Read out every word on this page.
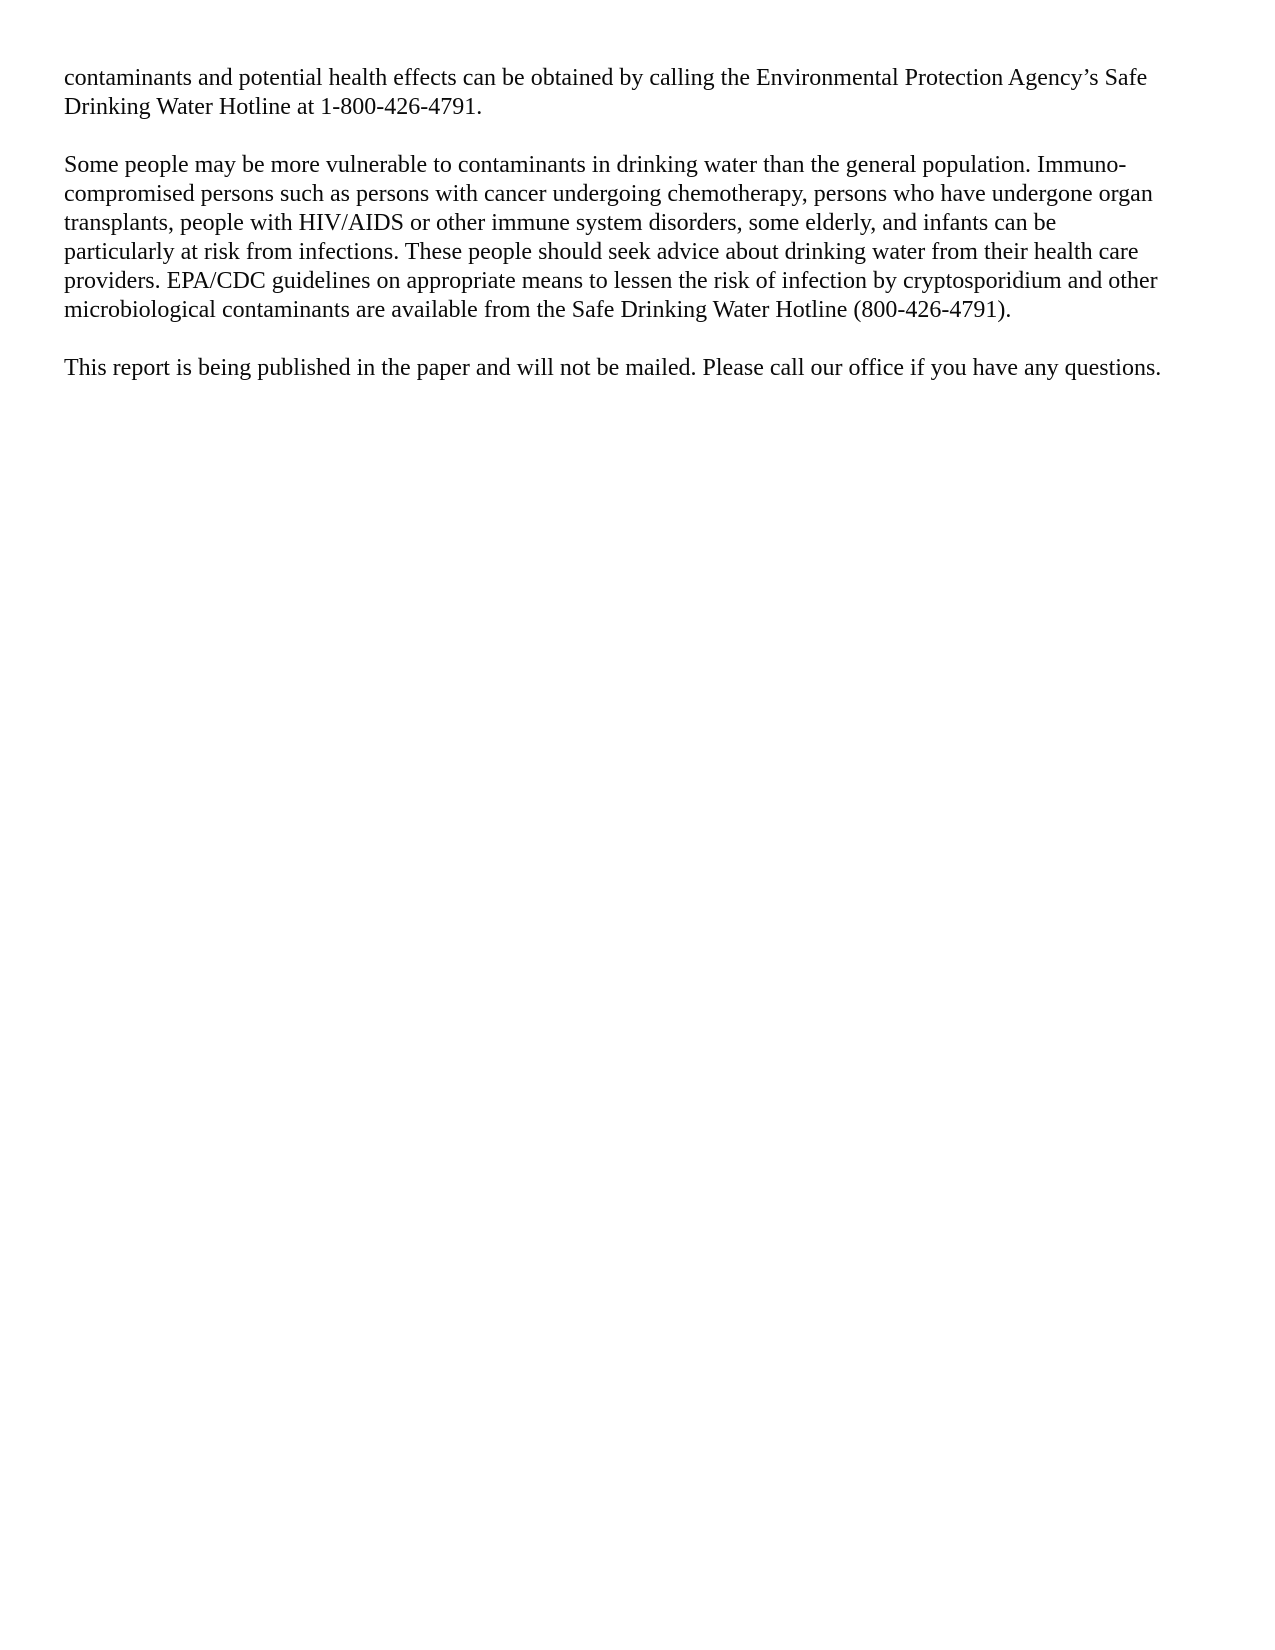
contaminants and potential health effects can be obtained by calling the Environmental Protection Agency’s Safe
Drinking Water Hotline at 1-800-426-4791.
Some people may be more vulnerable to contaminants in drinking water than the general population. Immuno-
compromised persons such as persons with cancer undergoing chemotherapy, persons who have undergone organ
transplants, people with HIV/AIDS or other immune system disorders, some elderly, and infants can be
particularly at risk from infections. These people should seek advice about drinking water from their health care
providers. EPA/CDC guidelines on appropriate means to lessen the risk of infection by cryptosporidium and other
microbiological contaminants are available from the Safe Drinking Water Hotline (800-426-4791).
This report is being published in the paper and will not be mailed. Please call our office if you have any questions.
